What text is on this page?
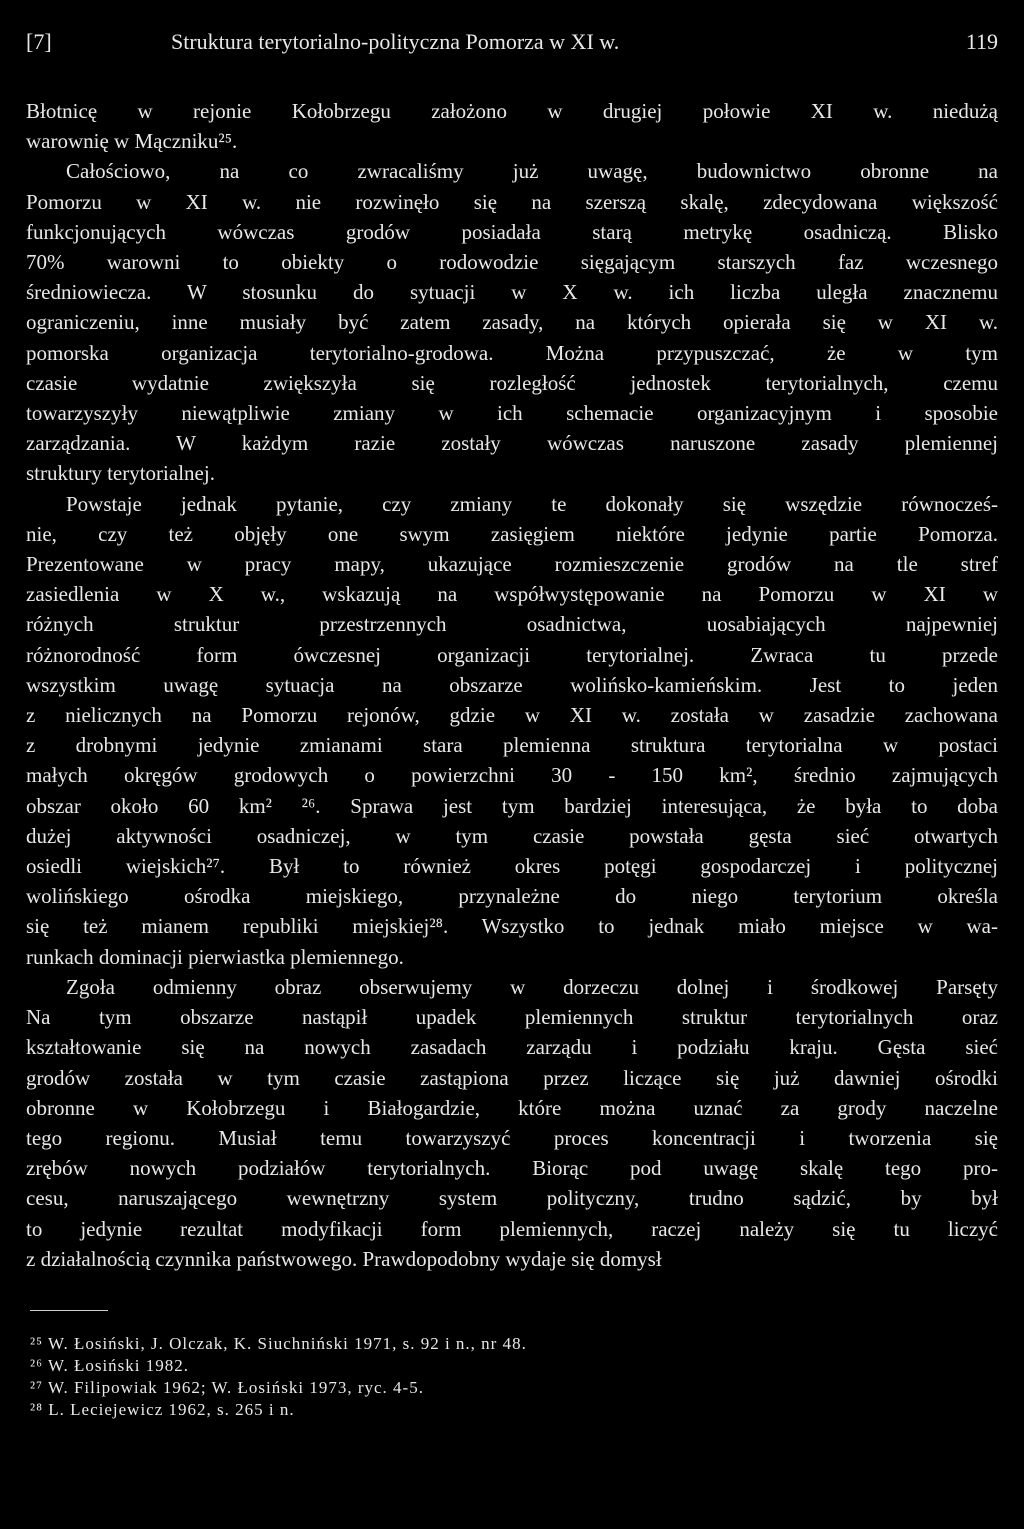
[7]	Struktura terytorialno-polityczna Pomorza w XI w.	119
Błotnicę w rejonie Kołobrzegu założono w drugiej połowie XI w. niedużą
warownię w Mączniku²⁵.
Całościowo, na co zwracaliśmy już uwagę, budownictwo obronne na
Pomorzu w XI w. nie rozwinęło się na szerszą skalę, zdecydowana większość
funkcjonujących wówczas grodów posiadała starą metrykę osadniczą. Blisko
70% warowni to obiekty o rodowodzie sięgającym starszych faz wczesnego
średniowiecza. W stosunku do sytuacji w X w. ich liczba uległa znacznemu
ograniczeniu, inne musiały być zatem zasady, na których opierała się w XI w.
pomorska organizacja terytorialno-grodowa. Można przypuszczać, że w tym
czasie wydatnie zwiększyła się rozległość jednostek terytorialnych, czemu
towarzyszyły niewątpliwie zmiany w ich schemacie organizacyjnym i sposobie
zarządzania. W każdym razie zostały wówczas naruszone zasady plemiennej
struktury terytorialnej.
Powstaje jednak pytanie, czy zmiany te dokonały się wszędzie równocześ-
nie, czy też objęły one swym zasięgiem niektóre jedynie partie Pomorza.
Prezentowane w pracy mapy, ukazujące rozmieszczenie grodów na tle stref
zasiedlenia w X w., wskazują na współwystępowanie na Pomorzu w XI w
różnych struktur przestrzennych osadnictwa, uosabiających najpewniej
różnorodność form ówczesnej organizacji terytorialnej. Zwraca tu przede
wszystkim uwagę sytuacja na obszarze wolińsko-kamieńskim. Jest to jeden
z nielicznych na Pomorzu rejonów, gdzie w XI w. została w zasadzie zachowana
z drobnymi jedynie zmianami stara plemienna struktura terytorialna w postaci
małych okręgów grodowych o powierzchni 30 - 150 km², średnio zajmujących
obszar około 60 km² ²⁶. Sprawa jest tym bardziej interesująca, że była to doba
dużej aktywności osadniczej, w tym czasie powstała gęsta sieć otwartych
osiedli wiejskich²⁷. Był to również okres potęgi gospodarczej i politycznej
wolińskiego ośrodka miejskiego, przynależne do niego terytorium określa
się też mianem republiki miejskiej²⁸. Wszystko to jednak miało miejsce w wa-
runkach dominacji pierwiastka plemiennego.
Zgoła odmienny obraz obserwujemy w dorzeczu dolnej i środkowej Parsęty
Na tym obszarze nastąpił upadek plemiennych struktur terytorialnych oraz
kształtowanie się na nowych zasadach zarządu i podziału kraju. Gęsta sieć
grodów została w tym czasie zastąpiona przez liczące się już dawniej ośrodki
obronne w Kołobrzegu i Białogardzie, które można uznać za grody naczelne
tego regionu. Musiał temu towarzyszyć proces koncentracji i tworzenia się
zrębów nowych podziałów terytorialnych. Biorąc pod uwagę skalę tego pro-
cesu, naruszającego wewnętrzny system polityczny, trudno sądzić, by był
to jedynie rezultat modyfikacji form plemiennych, raczej należy się tu liczyć
z działalnością czynnika państwowego. Prawdopodobny wydaje się domysł
²⁵ W. Łosiński, J. Olczak, K. Siuchniński 1971, s. 92 i n., nr 48.
²⁶ W. Łosiński 1982.
²⁷ W. Filipowiak 1962; W. Łosiński 1973, ryc. 4-5.
²⁸ L. Leciejewicz 1962, s. 265 i n.
